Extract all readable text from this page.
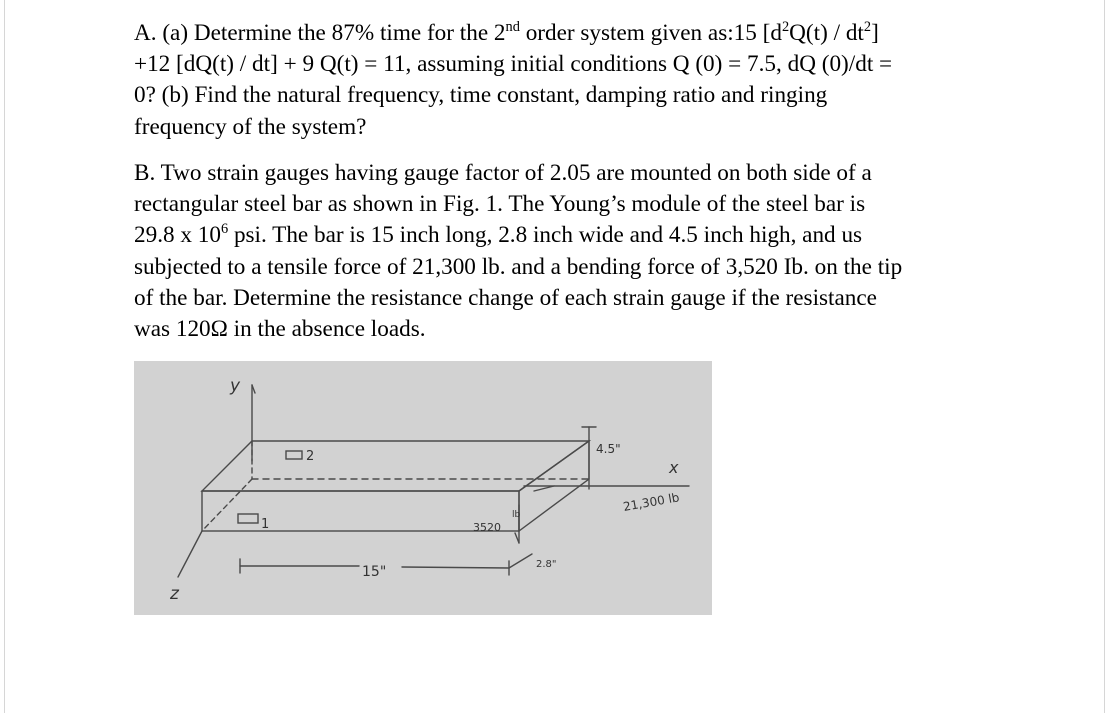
A. (a) Determine the 87% time for the 2nd order system given as:15 $[d^2Q(t) / dt^2]$
+12 [dQ(t) / dt] + 9 Q(t) = 11, assuming initial conditions Q (0) = 7.5, dQ (0)/dt =
0? (b) Find the natural frequency, time constant, damping ratio and ringing
frequency of the system?

B. Two strain gauges having gauge factor of 2.05 are mounted on both side of a
rectangular steel bar as shown in Fig. 1. The Young’s module of the steel bar is
29.8 x $10^6$ psi. The bar is 15 inch long, 2.8 inch wide and 4.5 inch high, and us
subjected to a tensile force of 21,300 lb. and a bending force of 3,520 Ib. on the tip
of the bar. Determine the resistance change of each strain gauge if the resistance
was 120Ω in the absence loads.

y
z
x
2
1
4.5"
15"	2.8"
lb
3520
21,300 lb
